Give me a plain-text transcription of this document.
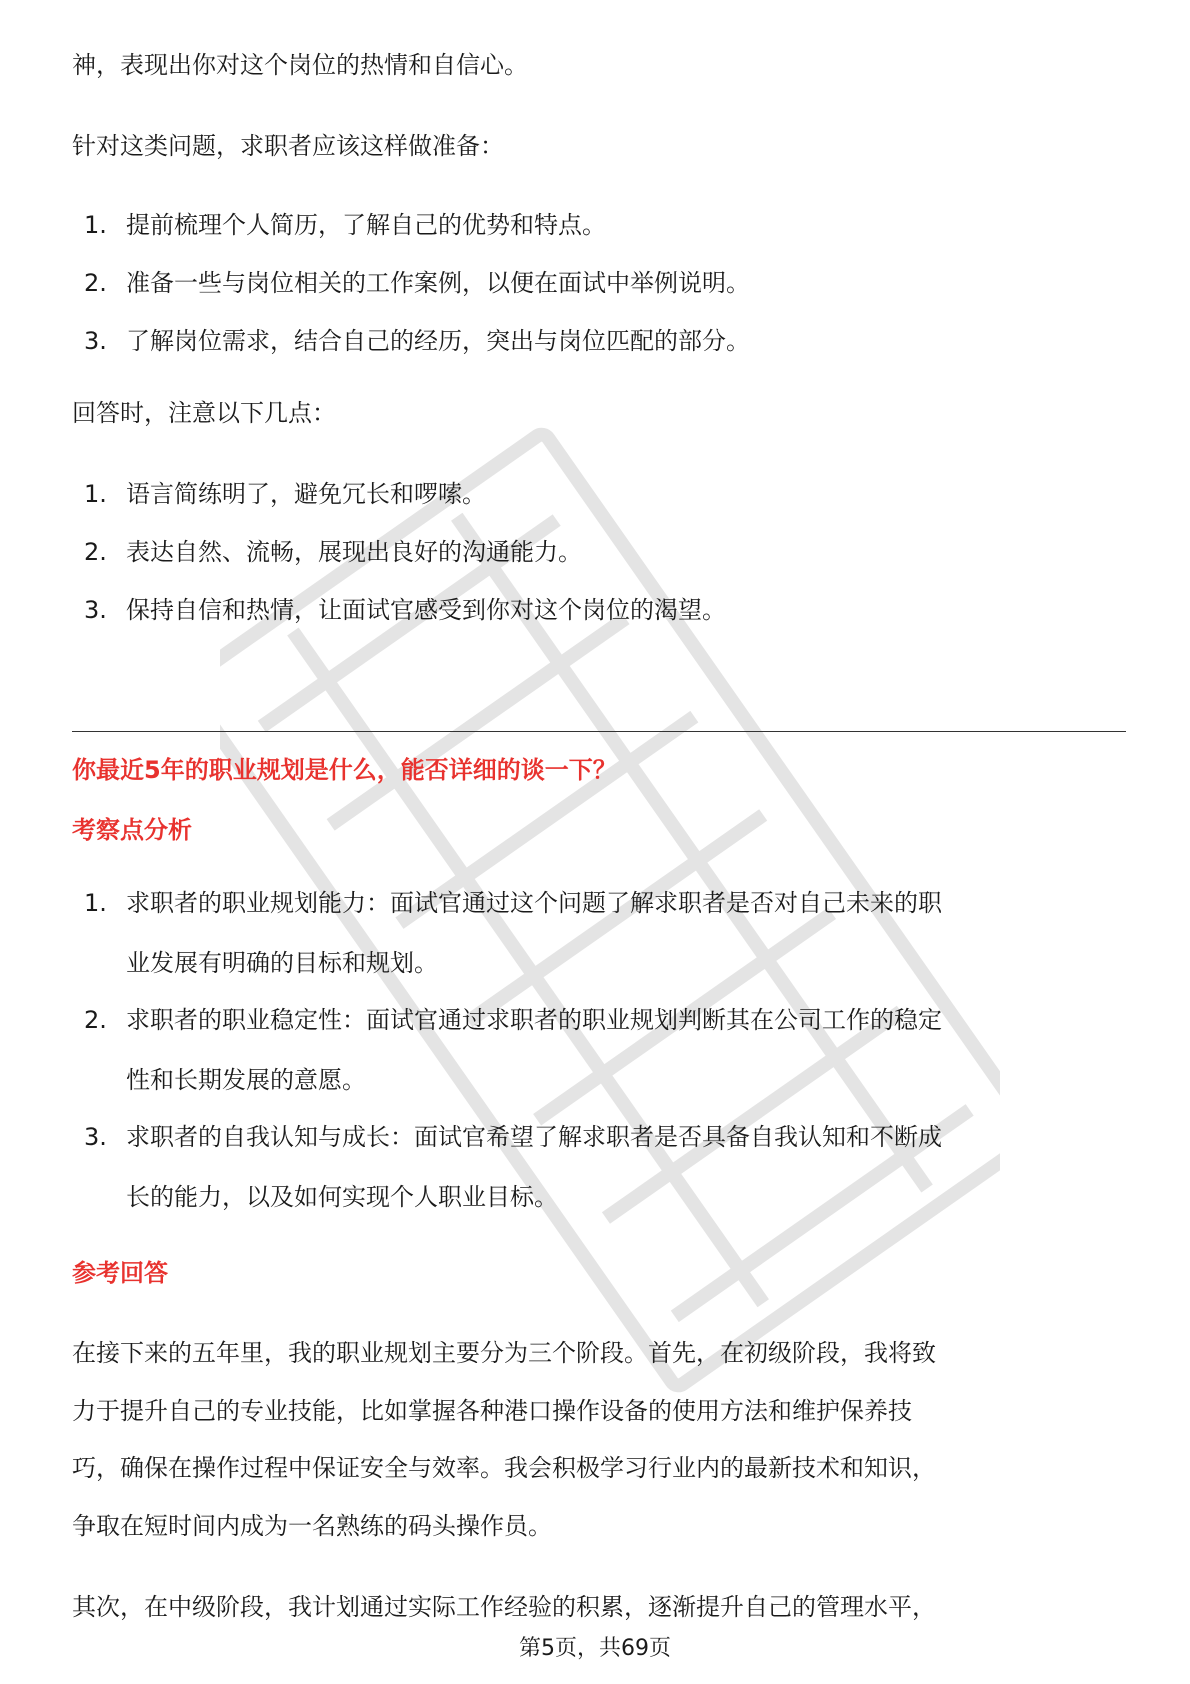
神，表现出你对这个岗位的热情和自信心。

针对这类问题，求职者应该这样做准备：

1. 提前梳理个人简历，了解自己的优势和特点。
2. 准备一些与岗位相关的工作案例，以便在面试中举例说明。
3. 了解岗位需求，结合自己的经历，突出与岗位匹配的部分。

回答时，注意以下几点：

1. 语言简练明了，避免冗长和啰嗦。
2. 表达自然、流畅，展现出良好的沟通能力。
3. 保持自信和热情，让面试官感受到你对这个岗位的渴望。
你最近5年的职业规划是什么，能否详细的谈一下？
考察点分析
1. 求职者的职业规划能力：面试官通过这个问题了解求职者是否对自己未来的职
业发展有明确的目标和规划。
2. 求职者的职业稳定性：面试官通过求职者的职业规划判断其在公司工作的稳定
性和长期发展的意愿。
3. 求职者的自我认知与成长：面试官希望了解求职者是否具备自我认知和不断成
长的能力，以及如何实现个人职业目标。
参考回答

在接下来的五年里，我的职业规划主要分为三个阶段。首先，在初级阶段，我将致

力于提升自己的专业技能，比如掌握各种港口操作设备的使用方法和维护保养技

巧，确保在操作过程中保证安全与效率。我会积极学习行业内的最新技术和知识，

争取在短时间内成为一名熟练的码头操作员。

其次，在中级阶段，我计划通过实际工作经验的积累，逐渐提升自己的管理水平，

第5页，共69页
